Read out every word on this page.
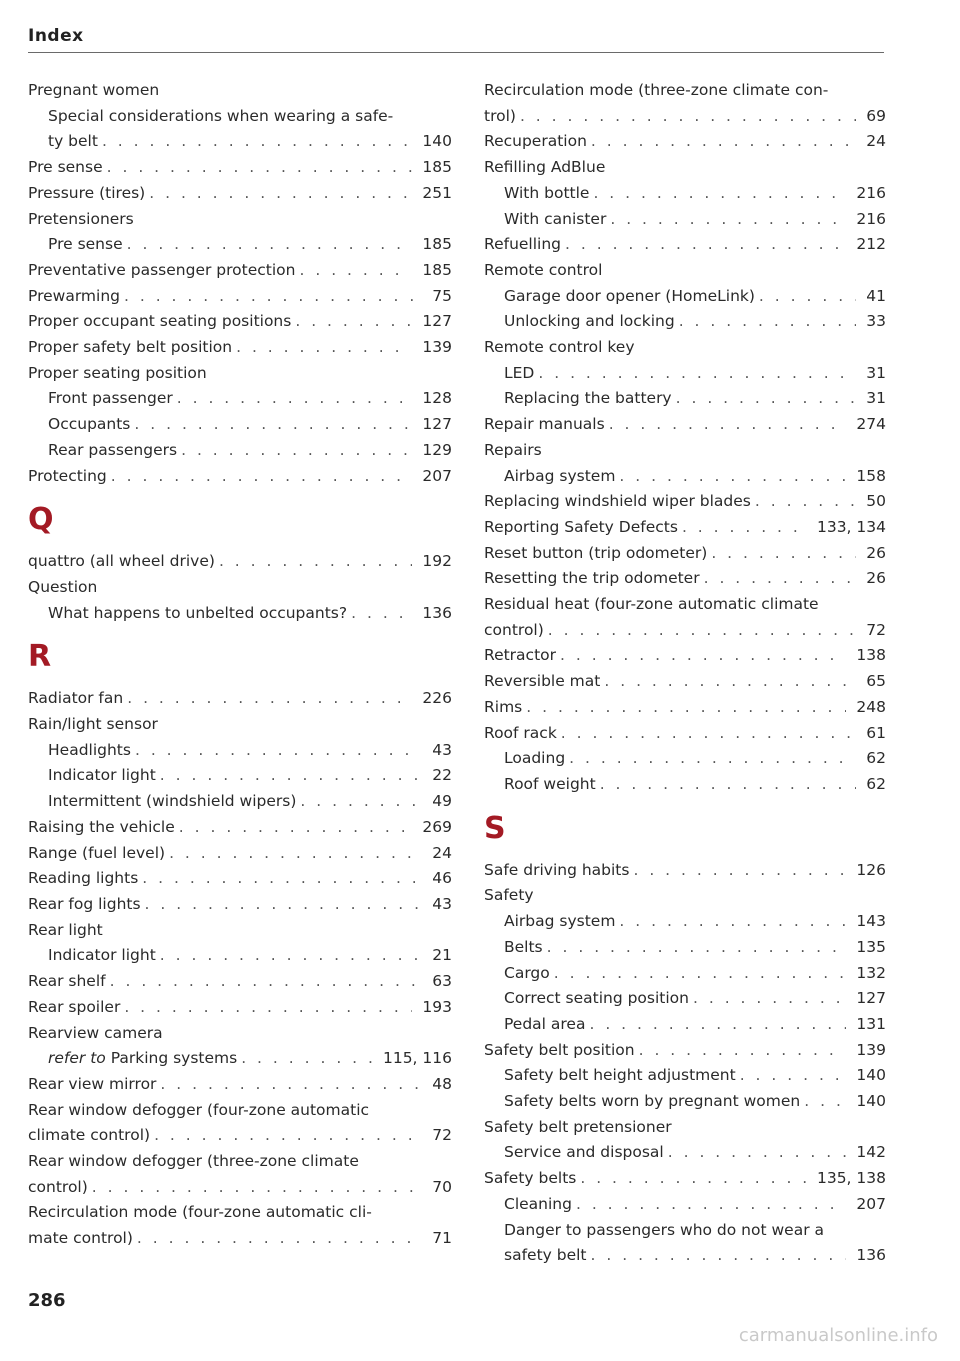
Index
Pregnant women
Special considerations when wearing a safe-
ty belt . . .	140
Pre sense . . .	185
Pressure (tires) . . .	251
Pretensioners
Pre sense . . .	185
Preventative passenger protection . . .	185
Prewarming . . .	75
Proper occupant seating positions . . .	127
Proper safety belt position . . .	139
Proper seating position
Front passenger . . .	128
Occupants . . .	127
Rear passengers . . .	129
Protecting . . .	207
Q
quattro (all wheel drive) . . .	192
Question
What happens to unbelted occupants? . . .	136
R
Radiator fan . . .	226
Rain/light sensor
Headlights . . .	43
Indicator light . . .	22
Intermittent (windshield wipers) . . .	49
Raising the vehicle . . .	269
Range (fuel level) . . .	24
Reading lights . . .	46
Rear fog lights . . .	43
Rear light
Indicator light . . .	21
Rear shelf . . .	63
Rear spoiler . . .	193
Rearview camera
refer to Parking systems . . .	115, 116
Rear view mirror . . .	48
Rear window defogger (four-zone automatic
climate control) . . .	72
Rear window defogger (three-zone climate
control) . . .	70
Recirculation mode (four-zone automatic cli-
mate control) . . .	71
Recirculation mode (three-zone climate con-
trol) . . .	69
Recuperation . . .	24
Refilling AdBlue
With bottle . . .	216
With canister . . .	216
Refuelling . . .	212
Remote control
Garage door opener (HomeLink) . . .	41
Unlocking and locking . . .	33
Remote control key
LED . . .	31
Replacing the battery . . .	31
Repair manuals . . .	274
Repairs
Airbag system . . .	158
Replacing windshield wiper blades . . .	50
Reporting Safety Defects . . .	133, 134
Reset button (trip odometer) . . .	26
Resetting the trip odometer . . .	26
Residual heat (four-zone automatic climate
control) . . .	72
Retractor . . .	138
Reversible mat . . .	65
Rims . . .	248
Roof rack . . .	61
Loading . . .	62
Roof weight . . .	62
S
Safe driving habits . . .	126
Safety
Airbag system . . .	143
Belts . . .	135
Cargo . . .	132
Correct seating position . . .	127
Pedal area . . .	131
Safety belt position . . .	139
Safety belt height adjustment . . .	140
Safety belts worn by pregnant women . . .	140
Safety belt pretensioner
Service and disposal . . .	142
Safety belts . . .	135, 138
Cleaning . . .	207
Danger to passengers who do not wear a
safety belt . . .	136
286
carmanualsonline.info
